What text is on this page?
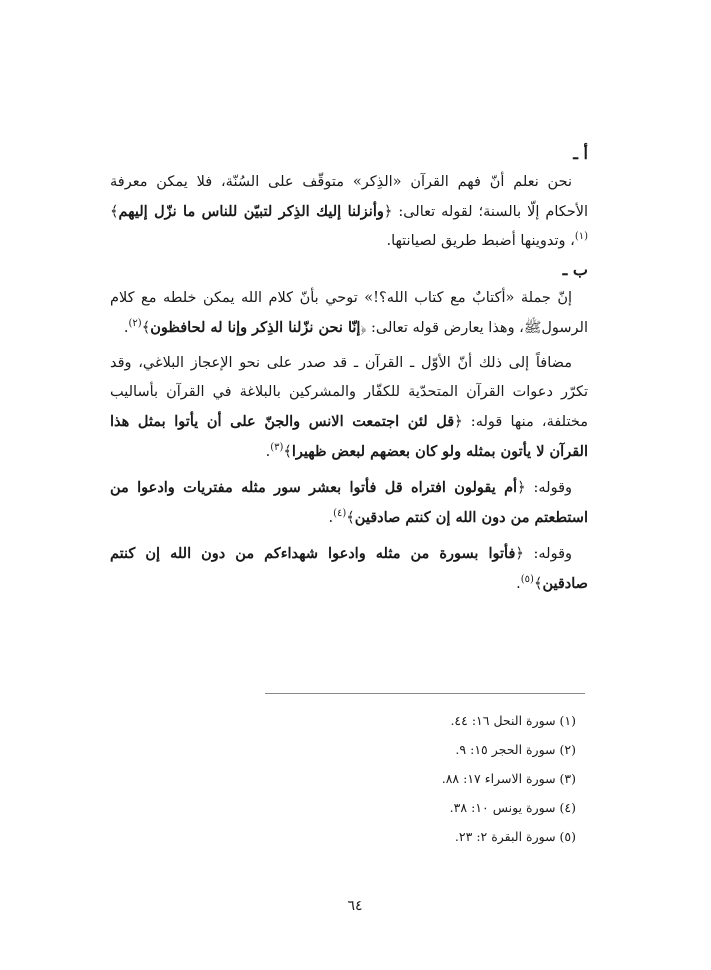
أ ـ

نحن نعلم أنّ فهم القرآن «الذِكر» متوقّف على السُنّة، فلا يمكن معرفة الأحكام إلّا بالسنة؛ لقوله تعالى: ﴿وأنزلنا إليك الذِكر لتبيّن للناس ما نزّل إليهم﴾$^{(١)}$، وتدوينها أضبط طريق لصيانتها.

ب ـ

إنّ جملة «أكتابٌ مع كتاب الله؟!» توحي بأنّ كلام الله يمكن خلطه مع كلام الرسولﷺ، وهذا يعارض قوله تعالى: ﴿إنّا نحن نزّلنا الذِكر وإنا له لحافظون﴾$^{(٢)}$.

مضافاً إلى ذلك أنّ الأوّل ـ القرآن ـ قد صدر على نحو الإعجاز البلاغي، وقد تكرّر دعوات القرآن المتحدّية للكفّار والمشركين بالبلاغة في القرآن بأساليب مختلفة، منها قوله: ﴿قل لئن اجتمعت الانس والجنّ على أن يأتوا بمثل هذا القرآن لا يأتون بمثله ولو كان بعضهم لبعض ظهيرا﴾$^{(٣)}$.

وقوله: ﴿أم يقولون افتراه قل فأتوا بعشر سور مثله مفتريات وادعوا من استطعتم من دون الله إن كنتم صادقين﴾$^{(٤)}$.

وقوله: ﴿فأتوا بسورة من مثله وادعوا شهداءكم من دون الله إن كنتم صادقين﴾$^{(٥)}$.

(١) سورة النحل ١٦: ٤٤.

(٢) سورة الحجر ١٥: ٩.

(٣) سورة الاسراء ١٧: ٨٨.

(٤) سورة يونس ١٠: ٣٨.

(٥) سورة البقرة ٢: ٢٣.

٦٤
